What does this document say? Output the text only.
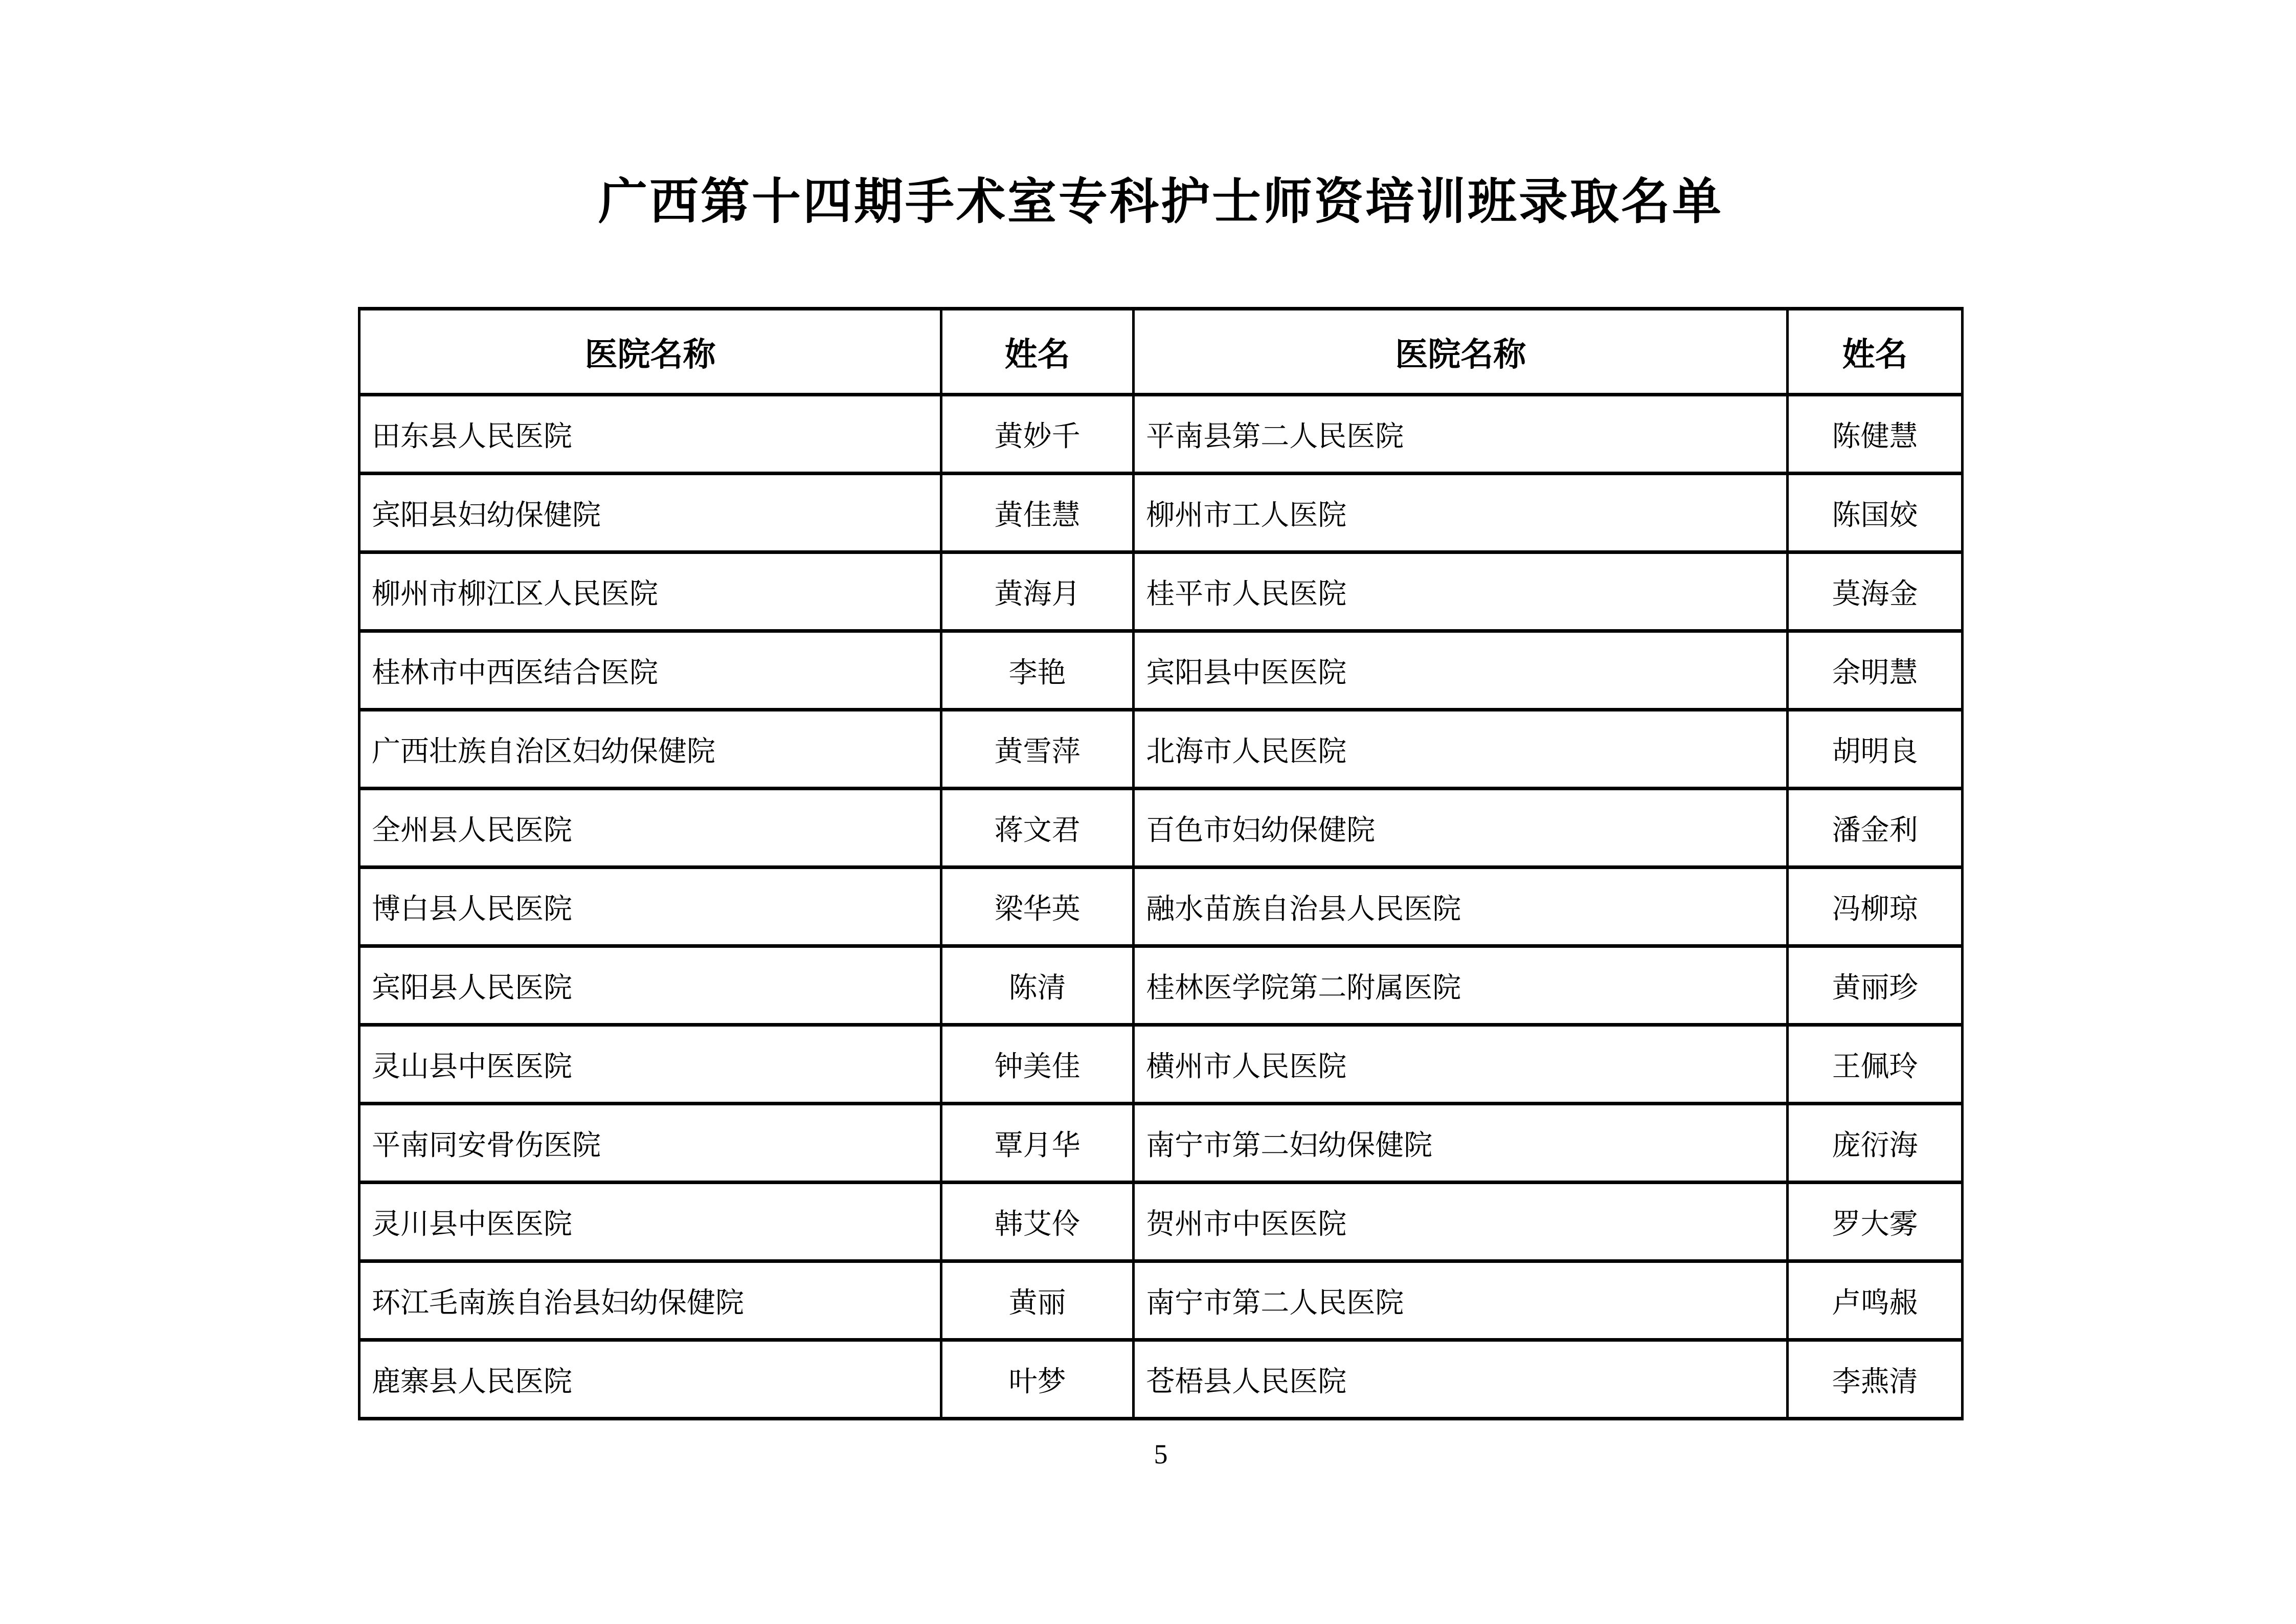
广西第十四期手术室专科护士师资培训班录取名单
医院名称	姓名	医院名称	姓名
田东县人民医院	黄妙千	平南县第二人民医院	陈健慧
宾阳县妇幼保健院	黄佳慧	柳州市工人医院	陈国姣
柳州市柳江区人民医院	黄海月	桂平市人民医院	莫海金
桂林市中西医结合医院	李艳	宾阳县中医医院	余明慧
广西壮族自治区妇幼保健院	黄雪萍	北海市人民医院	胡明良
全州县人民医院	蒋文君	百色市妇幼保健院	潘金利
博白县人民医院	梁华英	融水苗族自治县人民医院	冯柳琼
宾阳县人民医院	陈清	桂林医学院第二附属医院	黄丽珍
灵山县中医医院	钟美佳	横州市人民医院	王佩玲
平南同安骨伤医院	覃月华	南宁市第二妇幼保健院	庞衍海
灵川县中医医院	韩艾伶	贺州市中医医院	罗大雾
环江毛南族自治县妇幼保健院	黄丽	南宁市第二人民医院	卢鸣赧
鹿寨县人民医院	叶梦	苍梧县人民医院	李燕清
5
